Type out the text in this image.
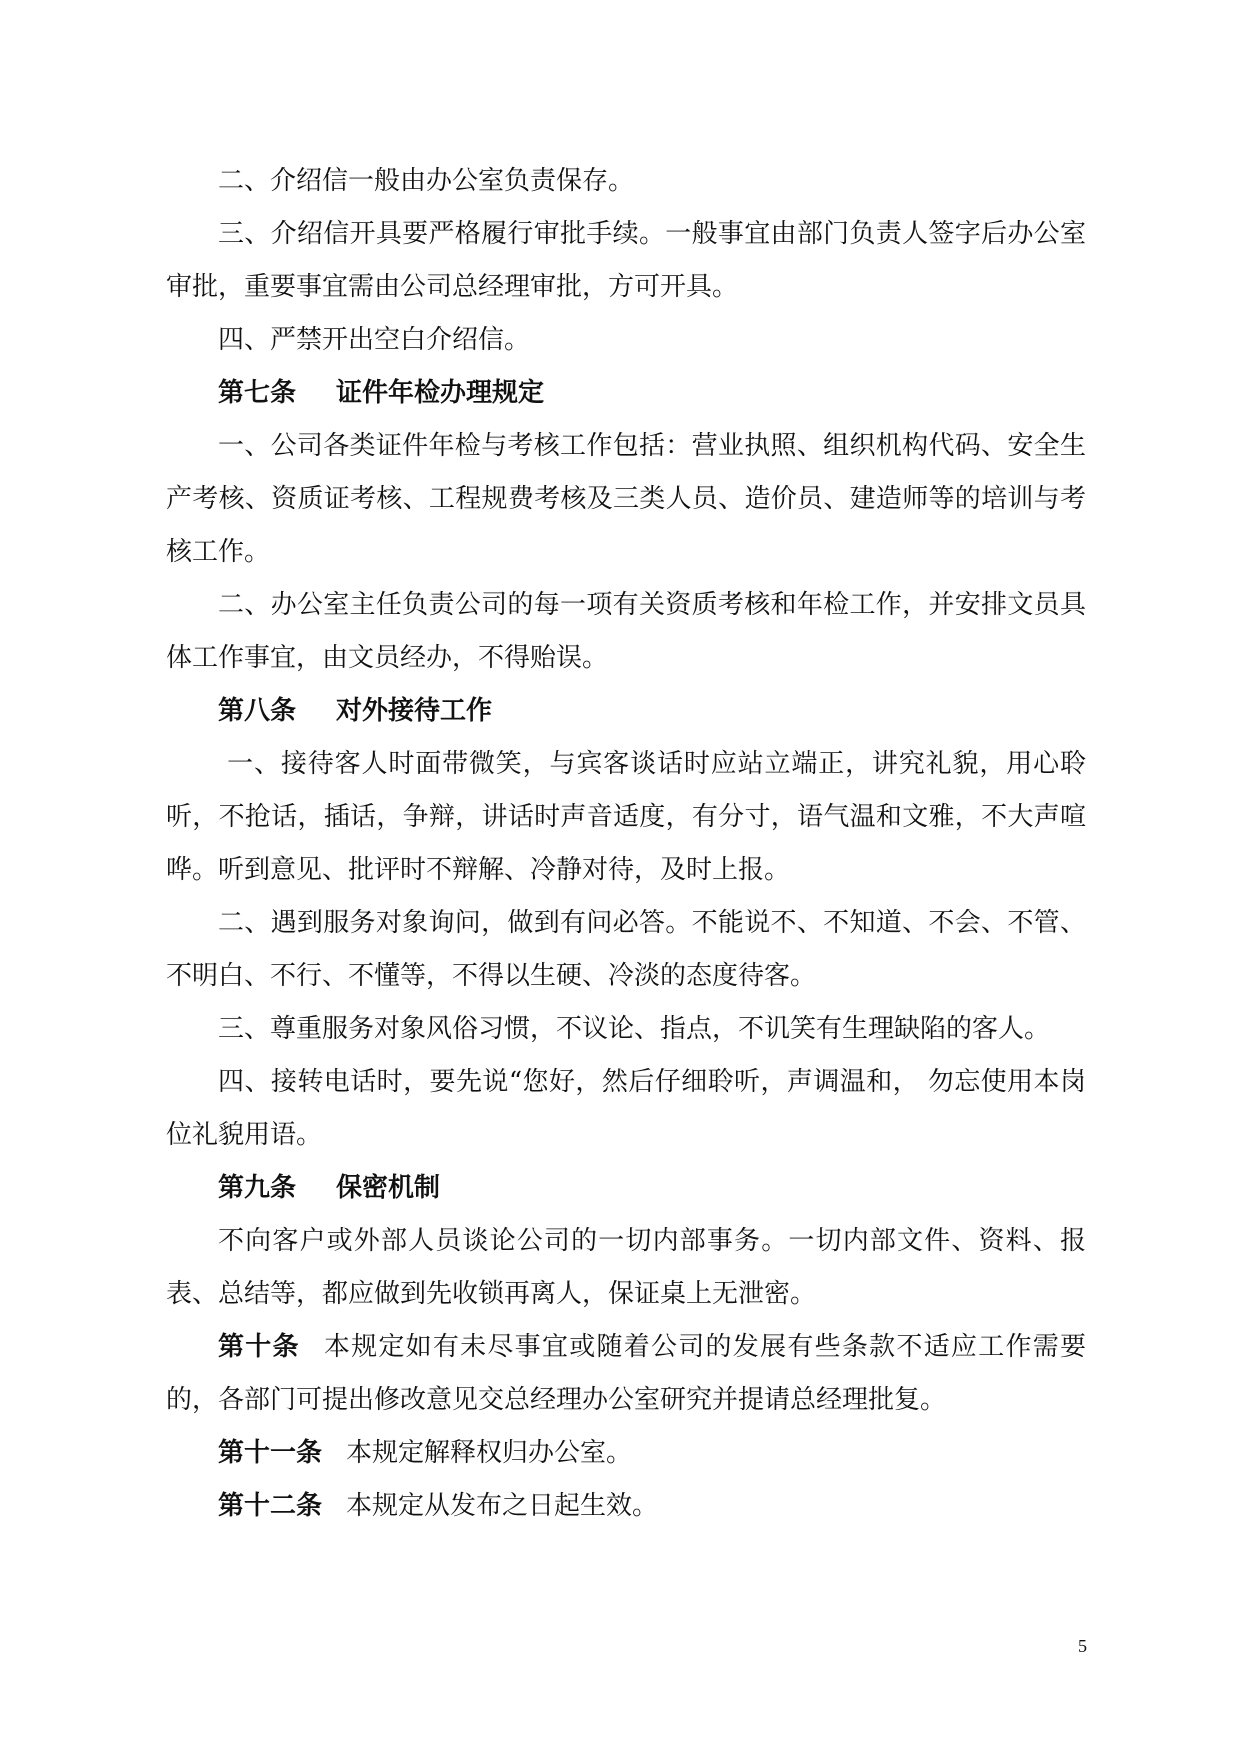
二、介绍信一般由办公室负责保存。

三、介绍信开具要严格履行审批手续。一般事宜由部门负责人签字后办公室审批，重要事宜需由公司总经理审批，方可开具。

四、严禁开出空白介绍信。

第七条 证件年检办理规定

一、公司各类证件年检与考核工作包括：营业执照、组织机构代码、安全生产考核、资质证考核、工程规费考核及三类人员、造价员、建造师等的培训与考核工作。

二、办公室主任负责公司的每一项有关资质考核和年检工作，并安排文员具体工作事宜，由文员经办，不得贻误。

第八条 对外接待工作

一、接待客人时面带微笑，与宾客谈话时应站立端正，讲究礼貌，用心聆听，不抢话，插话，争辩，讲话时声音适度，有分寸，语气温和文雅，不大声喧哗。听到意见、批评时不辩解、冷静对待，及时上报。

二、遇到服务对象询问，做到有问必答。不能说不、不知道、不会、不管、不明白、不行、不懂等，不得以生硬、冷淡的态度待客。

三、尊重服务对象风俗习惯，不议论、指点，不讥笑有生理缺陷的客人。

四、接转电话时，要先说“您好，然后仔细聆听，声调温和， 勿忘使用本岗位礼貌用语。

第九条 保密机制

不向客户或外部人员谈论公司的一切内部事务。一切内部文件、资料、报表、总结等，都应做到先收锁再离人，保证桌上无泄密。

第十条 本规定如有未尽事宜或随着公司的发展有些条款不适应工作需要的，各部门可提出修改意见交总经理办公室研究并提请总经理批复。

第十一条 本规定解释权归办公室。

第十二条 本规定从发布之日起生效。

5
